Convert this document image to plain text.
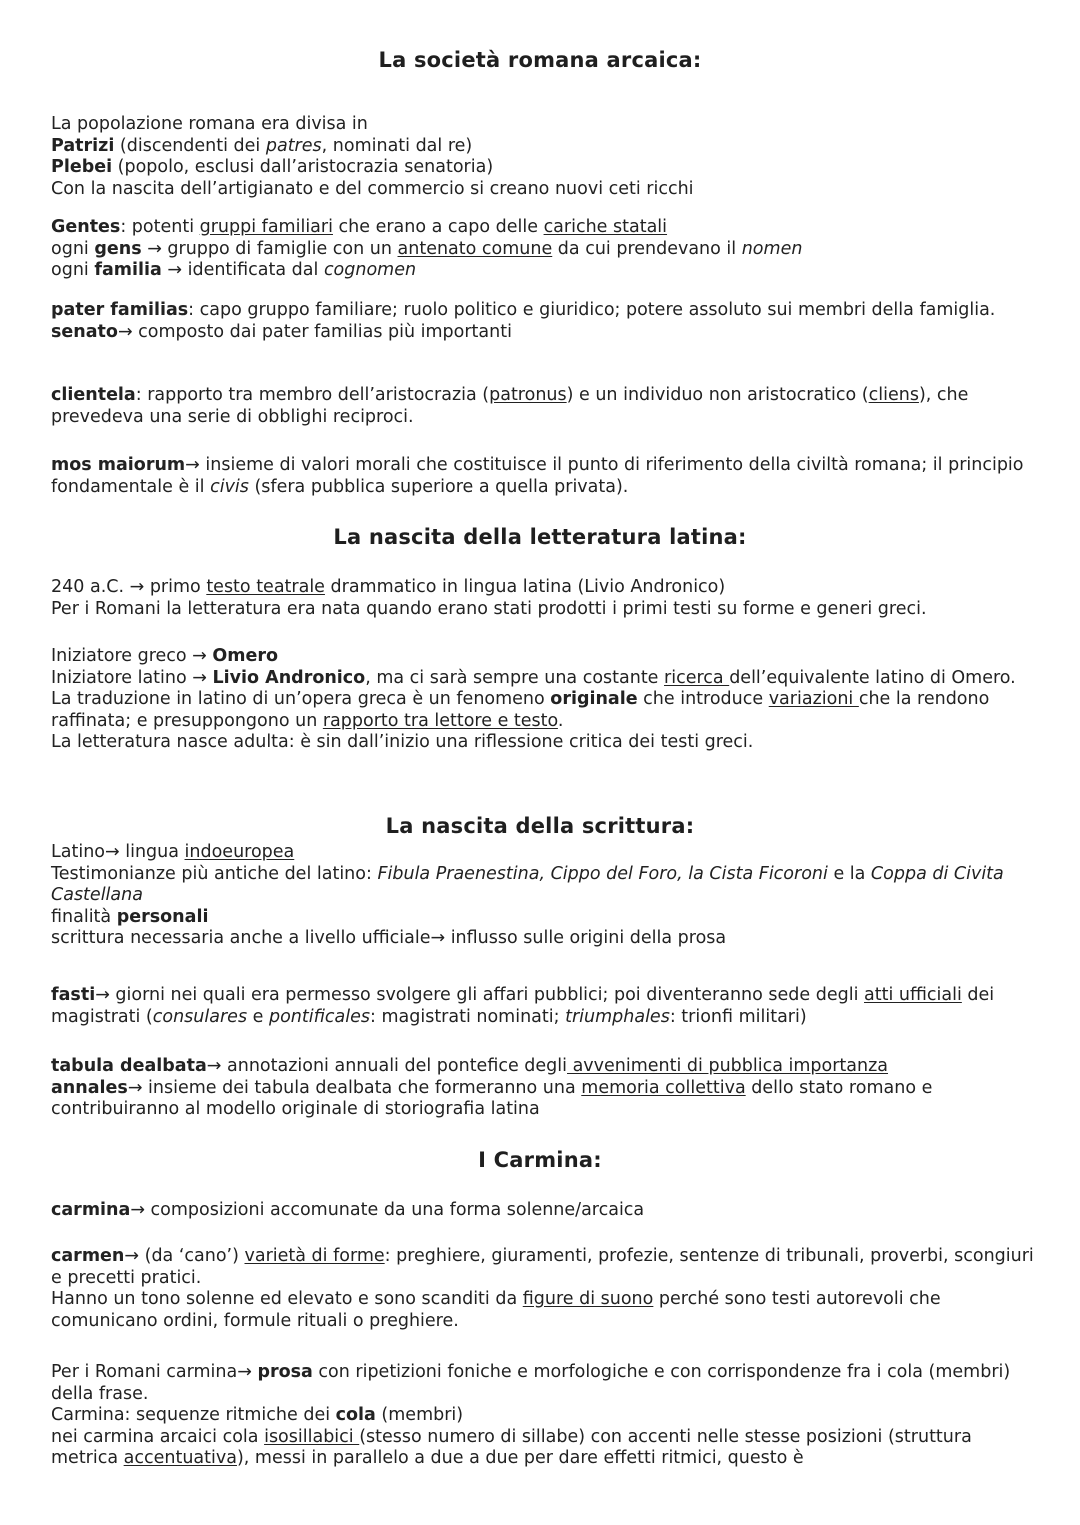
La società romana arcaica:
La popolazione romana era divisa in
Patrizi (discendenti dei patres, nominati dal re)
Plebei (popolo, esclusi dall’aristocrazia senatoria)
Con la nascita dell’artigianato e del commercio si creano nuovi ceti ricchi
Gentes: potenti gruppi familiari che erano a capo delle cariche statali
ogni gens → gruppo di famiglie con un antenato comune da cui prendevano il nomen
ogni familia → identificata dal cognomen
pater familias: capo gruppo familiare; ruolo politico e giuridico; potere assoluto sui membri della famiglia.
senato→ composto dai pater familias più importanti
clientela: rapporto tra membro dell’aristocrazia (patronus) e un individuo non aristocratico (cliens), che prevedeva una serie di obblighi reciproci.
mos maiorum→ insieme di valori morali che costituisce il punto di riferimento della civiltà romana; il principio fondamentale è il civis (sfera pubblica superiore a quella privata).
La nascita della letteratura latina:
240 a.C. → primo testo teatrale drammatico in lingua latina (Livio Andronico)
Per i Romani la letteratura era nata quando erano stati prodotti i primi testi su forme e generi greci.
Iniziatore greco → Omero
Iniziatore latino → Livio Andronico, ma ci sarà sempre una costante ricerca dell’equivalente latino di Omero.
La traduzione in latino di un’opera greca è un fenomeno originale che introduce variazioni che la rendono raffinata; e presuppongono un rapporto tra lettore e testo.
La letteratura nasce adulta: è sin dall’inizio una riflessione critica dei testi greci.
La nascita della scrittura:
Latino→ lingua indoeuropea
Testimonianze più antiche del latino: Fibula Praenestina, Cippo del Foro, la Cista Ficoroni e la Coppa di Civita Castellana
finalità personali
scrittura necessaria anche a livello ufficiale→ influsso sulle origini della prosa
fasti→ giorni nei quali era permesso svolgere gli affari pubblici; poi diventeranno sede degli atti ufficiali dei magistrati (consulares e pontificales: magistrati nominati; triumphales: trionfi militari)
tabula dealbata→ annotazioni annuali del pontefice degli avvenimenti di pubblica importanza
annales→ insieme dei tabula dealbata che formeranno una memoria collettiva dello stato romano e contribuiranno al modello originale di storiografia latina
I Carmina:
carmina→ composizioni accomunate da una forma solenne/arcaica
carmen→ (da ‘cano’) varietà di forme: preghiere, giuramenti, profezie, sentenze di tribunali, proverbi, scongiuri e precetti pratici.
Hanno un tono solenne ed elevato e sono scanditi da figure di suono perché sono testi autorevoli che comunicano ordini, formule rituali o preghiere.
Per i Romani carmina→ prosa con ripetizioni foniche e morfologiche e con corrispondenze fra i cola (membri) della frase.
Carmina: sequenze ritmiche dei cola (membri)
nei carmina arcaici cola isosillabici (stesso numero di sillabe) con accenti nelle stesse posizioni (struttura metrica accentuativa), messi in parallelo a due a due per dare effetti ritmici, questo è
